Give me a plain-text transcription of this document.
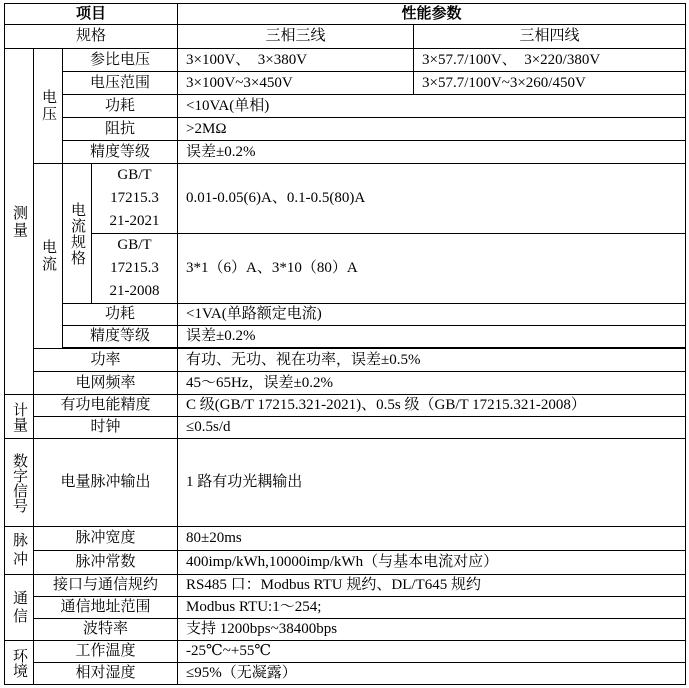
项目				性能参数	
规格				三相三线	三相四线
测量	电压	参比电压		3×100V、  3×380V	3×57.7/100V、  3×220/380V
		电压范围		3×100V~3×450V	3×57.7/100V~3×260/450V
		功耗		<10VA(单相)	
		阻抗		>2MΩ	
		精度等级		误差±0.2%	
	电流	电流规格	GB/T
17215.3
21-2021	0.01-0.05(6)A、0.1-0.5(80)A	

			GB/T
17215.3
21-2008	3*1（6）A、3*10（80）A	
		功耗		<1VA(单路额定电流)	
		精度等级		误差±0.2%	

	功率			有功、无功、视在功率，误差±0.5%	
	电网频率			45～65Hz，误差±0.2%	
计量	有功电能精度			C 级(GB/T 17215.321-2021)、0.5s 级（GB/T 17215.321-2008）	
	时钟			≤0.5s/d	
数字信号	电量脉冲输出			1 路有功光耦输出	
脉冲	脉冲宽度			80±20ms	
	脉冲常数			400imp/kWh,10000imp/kWh（与基本电流对应）	
通信	接口与通信规约			RS485 口：Modbus RTU 规约、DL/T645 规约	
	通信地址范围			Modbus RTU:1～254;	
	波特率			支持 1200bps~38400bps	
环境	工作温度			-25℃~+55℃	
	相对湿度			≤95%（无凝露）	
